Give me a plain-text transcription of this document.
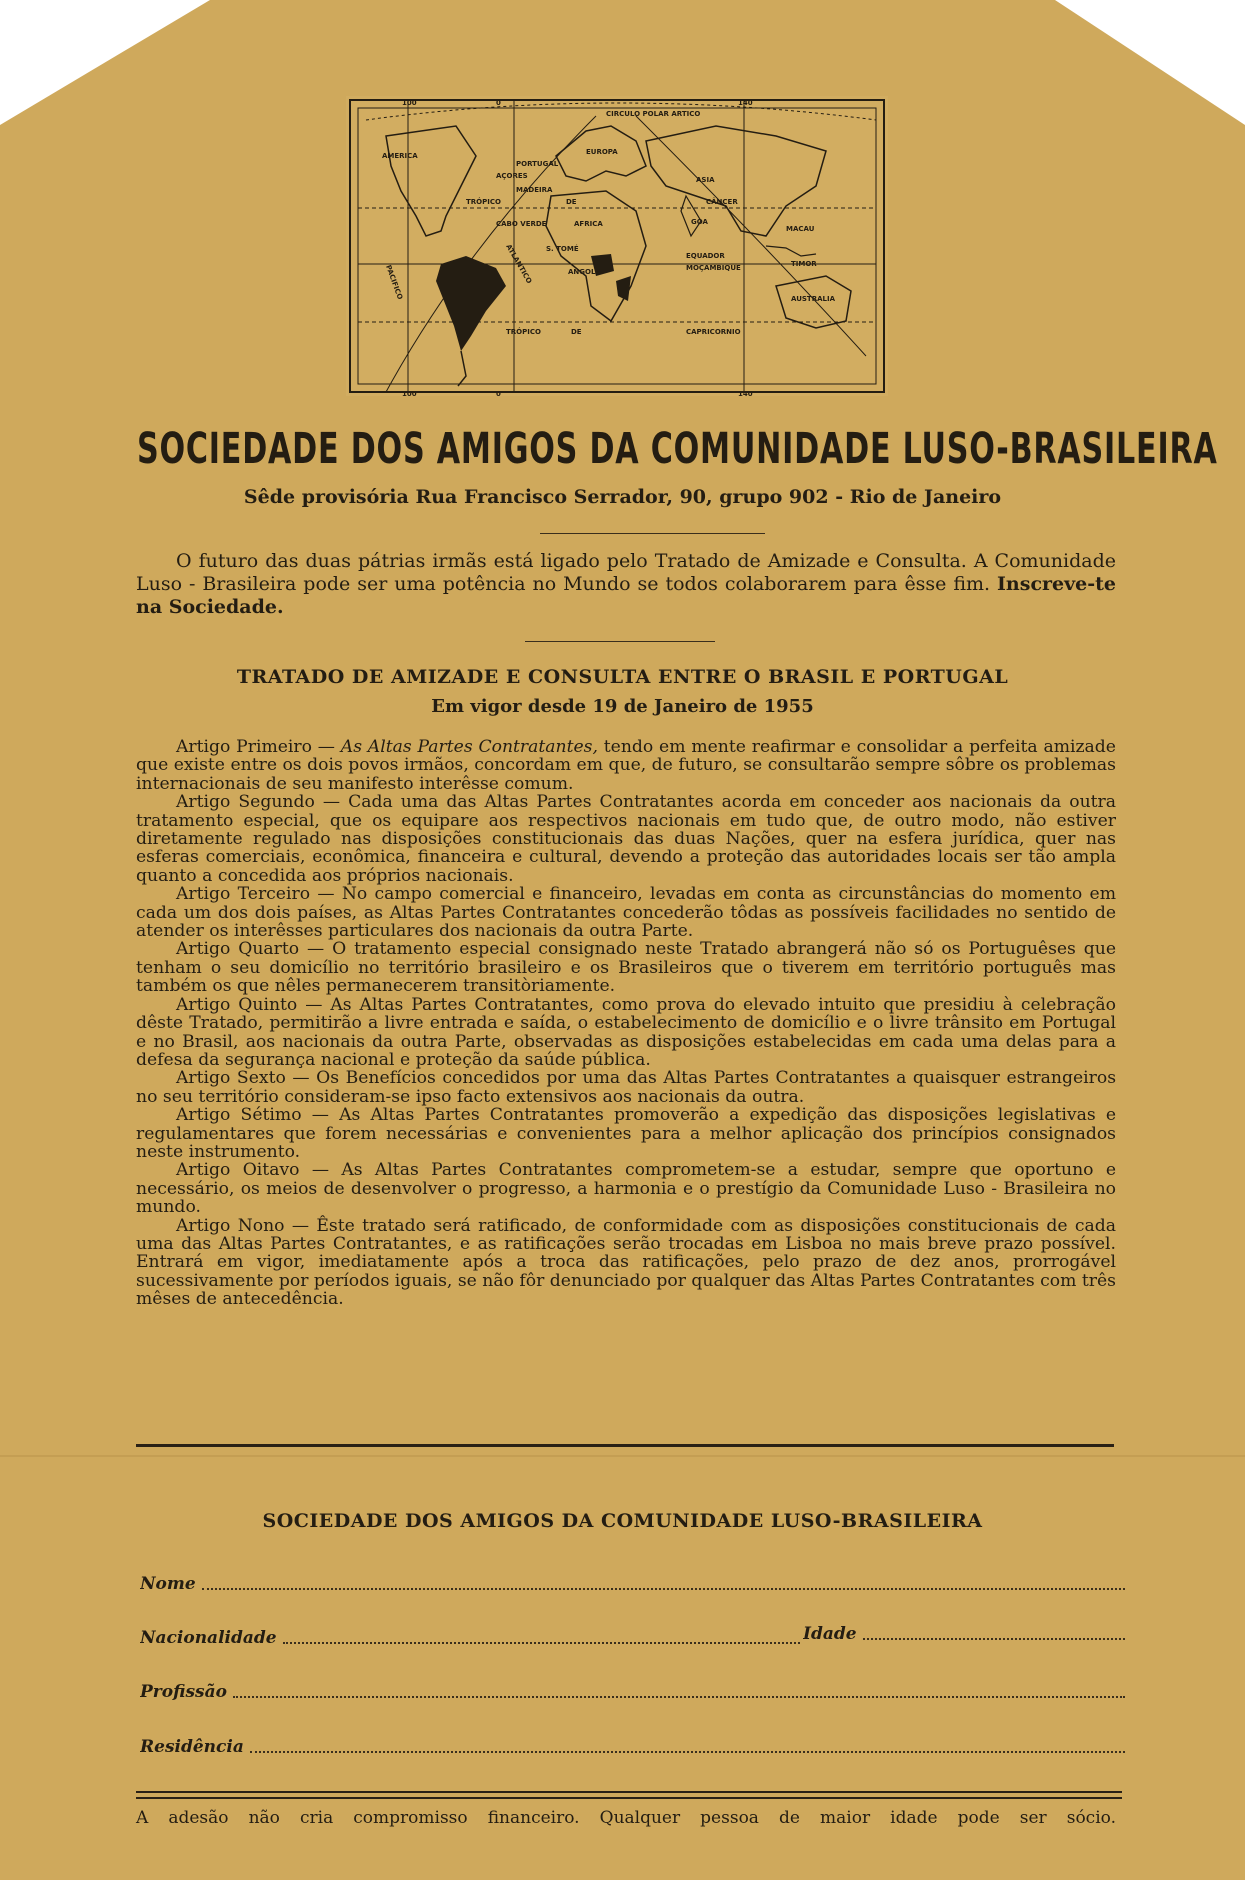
0	140
100
100	0	140
AMERICA
CIRCULO POLAR ARTICO
EUROPA
PORTUGAL
AÇORES
MADEIRA
ASIA
TRÓPICO	DE	CÂNCER
CABO VERDE	GOA
AFRICA
ATLANTICO
PACIFICO
EQUADOR
ANGOLA	MOÇAMBIQUE
AUSTRALIA
TRÓPICO	DE	CAPRICORNIO
MACAU
TIMOR
S. TOMÉ
SOCIEDADE DOS AMIGOS DA COMUNIDADE LUSO-BRASILEIRA
Sêde provisória Rua Francisco Serrador, 90, grupo 902 - Rio de Janeiro

O futuro das duas pátrias irmãs está ligado pelo Tratado de Amizade e Consulta. A Comunidade Luso - Brasileira pode ser uma potência no Mundo se todos colaborarem para êsse fim. Inscreve-te na Sociedade.

TRATADO DE AMIZADE E CONSULTA ENTRE O BRASIL E PORTUGAL
Em vigor desde 19 de Janeiro de 1955

Artigo Primeiro — As Altas Partes Contratantes, tendo em mente reafirmar e consolidar a perfeita amizade que existe entre os dois povos irmãos, concordam em que, de futuro, se consultarão sempre sôbre os problemas internacionais de seu manifesto interêsse comum.

Artigo Segundo — Cada uma das Altas Partes Contratantes acorda em conceder aos nacionais da outra tratamento especial, que os equipare aos respectivos nacionais em tudo que, de outro modo, não estiver diretamente regulado nas disposições constitucionais das duas Nações, quer na esfera jurídica, quer nas esferas comerciais, econômica, financeira e cultural, devendo a proteção das autoridades locais ser tão ampla quanto a concedida aos próprios nacionais.

Artigo Terceiro — No campo comercial e financeiro, levadas em conta as circunstâncias do momento em cada um dos dois países, as Altas Partes Contratantes concederão tôdas as possíveis facilidades no sentido de atender os interêsses particulares dos nacionais da outra Parte.

Artigo Quarto — O tratamento especial consignado neste Tratado abrangerá não só os Portuguêses que tenham o seu domicílio no território brasileiro e os Brasileiros que o tiverem em território português mas também os que nêles permanecerem transitòriamente.

Artigo Quinto — As Altas Partes Contratantes, como prova do elevado intuito que presidiu à celebração dêste Tratado, permitirão a livre entrada e saída, o estabelecimento de domicílio e o livre trânsito em Portugal e no Brasil, aos nacionais da outra Parte, observadas as disposições estabelecidas em cada uma delas para a defesa da segurança nacional e proteção da saúde pública.

Artigo Sexto — Os Benefícios concedidos por uma das Altas Partes Contratantes a quaisquer estrangeiros no seu território consideram-se ipso facto extensivos aos nacionais da outra.

Artigo Sétimo — As Altas Partes Contratantes promoverão a expedição das disposições legislativas e regulamentares que forem necessárias e convenientes para a melhor aplicação dos princípios consignados neste instrumento.

Artigo Oitavo — As Altas Partes Contratantes comprometem-se a estudar, sempre que oportuno e necessário, os meios de desenvolver o progresso, a harmonia e o prestígio da Comunidade Luso - Brasileira no mundo.

Artigo Nono — Êste tratado será ratificado, de conformidade com as disposições constitucionais de cada uma das Altas Partes Contratantes, e as ratificações serão trocadas em Lisboa no mais breve prazo possível. Entrará em vigor, imediatamente após a troca das ratificações, pelo prazo de dez anos, prorrogável sucessivamente por períodos iguais, se não fôr denunciado por qualquer das Altas Partes Contratantes com três mêses de antecedência.

SOCIEDADE DOS AMIGOS DA COMUNIDADE LUSO-BRASILEIRA
Nome
Nacionalidade	Idade
Profissão
Residência
A adesão não cria compromisso financeiro. Qualquer pessoa de maior idade pode ser sócio.
